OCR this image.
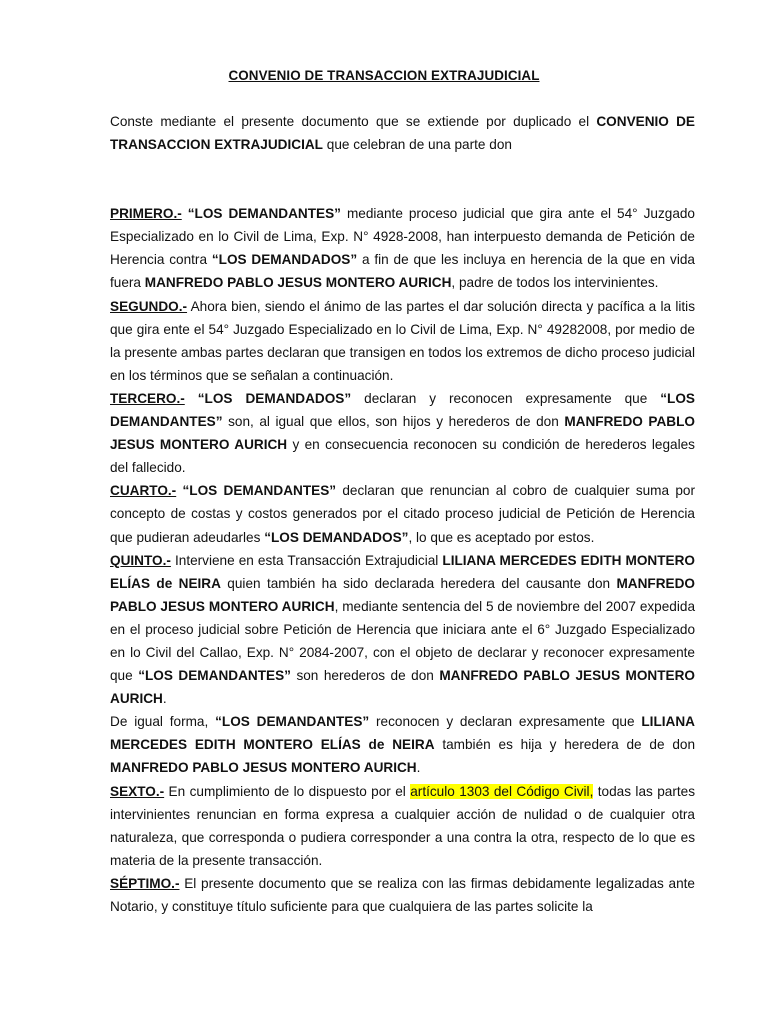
CONVENIO DE TRANSACCION EXTRAJUDICIAL

Conste mediante el presente documento que se extiende por duplicado el CONVENIO DE TRANSACCION EXTRAJUDICIAL que celebran de una parte don

PRIMERO.- “LOS DEMANDANTES” mediante proceso judicial que gira ante el 54° Juzgado Especializado en lo Civil de Lima, Exp. N° 4928-2008, han interpuesto demanda de Petición de Herencia contra “LOS DEMANDADOS” a fin de que les incluya en herencia de la que en vida fuera MANFREDO PABLO JESUS MONTERO AURICH, padre de todos los intervinientes.

SEGUNDO.- Ahora bien, siendo el ánimo de las partes el dar solución directa y pacífica a la litis que gira ente el 54° Juzgado Especializado en lo Civil de Lima, Exp. N° 49282008, por medio de la presente ambas partes declaran que transigen en todos los extremos de dicho proceso judicial en los términos que se señalan a continuación.

TERCERO.- “LOS DEMANDADOS” declaran y reconocen expresamente que “LOS DEMANDANTES” son, al igual que ellos, son hijos y herederos de don MANFREDO PABLO JESUS MONTERO AURICH y en consecuencia reconocen su condición de herederos legales del fallecido.

CUARTO.- “LOS DEMANDANTES” declaran que renuncian al cobro de cualquier suma por concepto de costas y costos generados por el citado proceso judicial de Petición de Herencia que pudieran adeudarles “LOS DEMANDADOS”, lo que es aceptado por estos.

QUINTO.- Interviene en esta Transacción Extrajudicial LILIANA MERCEDES EDITH MONTERO ELÍAS de NEIRA quien también ha sido declarada heredera del causante don MANFREDO PABLO JESUS MONTERO AURICH, mediante sentencia del 5 de noviembre del 2007 expedida en el proceso judicial sobre Petición de Herencia que iniciara ante el 6° Juzgado Especializado en lo Civil del Callao, Exp. N° 2084-2007, con el objeto de declarar y reconocer expresamente que “LOS DEMANDANTES” son herederos de don MANFREDO PABLO JESUS MONTERO AURICH.

De igual forma, “LOS DEMANDANTES” reconocen y declaran expresamente que LILIANA MERCEDES EDITH MONTERO ELÍAS de NEIRA también es hija y heredera de de don MANFREDO PABLO JESUS MONTERO AURICH.

SEXTO.- En cumplimiento de lo dispuesto por el artículo 1303 del Código Civil, todas las partes intervinientes renuncian en forma expresa a cualquier acción de nulidad o de cualquier otra naturaleza, que corresponda o pudiera corresponder a una contra la otra, respecto de lo que es materia de la presente transacción.

SÉPTIMO.- El presente documento que se realiza con las firmas debidamente legalizadas ante Notario, y constituye título suficiente para que cualquiera de las partes solicite la
